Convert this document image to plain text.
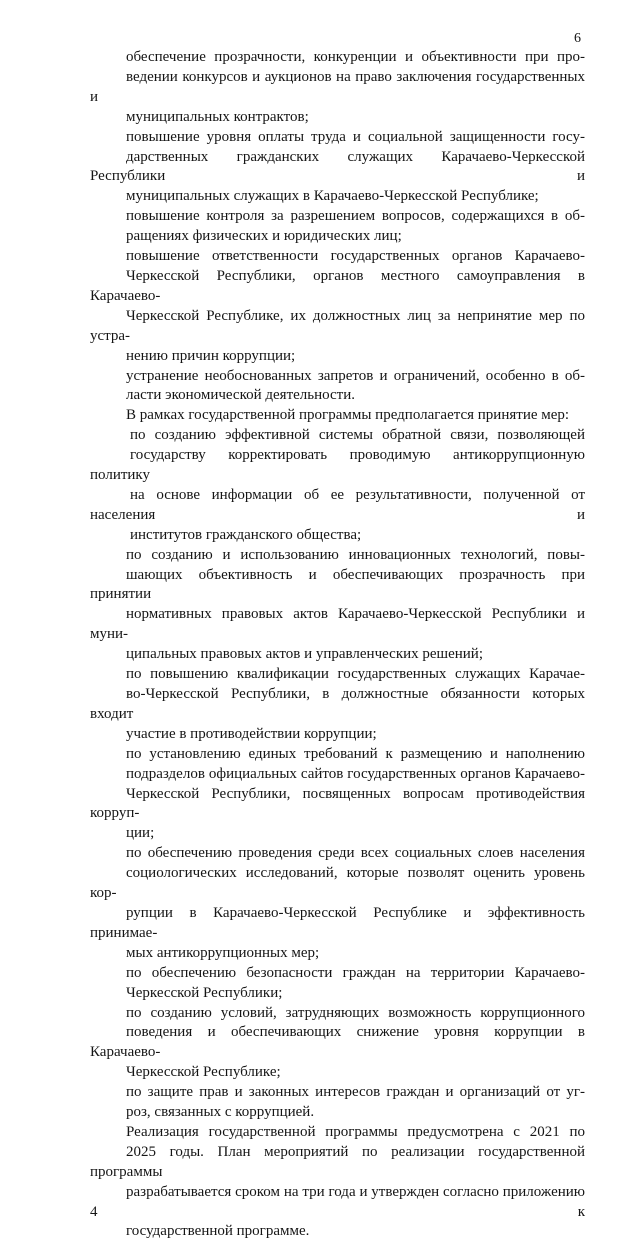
6

обеспечение прозрачности, конкуренции и объективности при про-
ведении конкурсов и аукционов на право заключения государственных и
муниципальных контрактов;

повышение уровня оплаты труда и социальной защищенности госу-
дарственных гражданских служащих Карачаево-Черкесской Республики и
муниципальных служащих в Карачаево-Черкесской Республике;

повышение контроля за разрешением вопросов, содержащихся в об-
ращениях физических и юридических лиц;

повышение ответственности государственных органов Карачаево-
Черкесской Республики, органов местного самоуправления в Карачаево-
Черкесской Республике, их должностных лиц за непринятие мер по устра-
нению причин коррупции;

устранение необоснованных запретов и ограничений, особенно в об-
ласти экономической деятельности.

В рамках государственной программы предполагается принятие мер:

по созданию эффективной системы обратной связи, позволяющей
государству корректировать проводимую антикоррупционную политику
на основе информации об ее результативности, полученной от населения и
институтов гражданского общества;

по созданию и использованию инновационных технологий, повы-
шающих объективность и обеспечивающих прозрачность при принятии
нормативных правовых актов Карачаево-Черкесской Республики и муни-
ципальных правовых актов и управленческих решений;

по повышению квалификации государственных служащих Карачае-
во-Черкесской Республики, в должностные обязанности которых входит
участие в противодействии коррупции;

по установлению единых требований к размещению и наполнению
подразделов официальных сайтов государственных органов Карачаево-
Черкесской Республики, посвященных вопросам противодействия корруп-
ции;

по обеспечению проведения среди всех социальных слоев населения
социологических исследований, которые позволят оценить уровень кор-
рупции в Карачаево-Черкесской Республике и эффективность принимае-
мых антикоррупционных мер;

по обеспечению безопасности граждан на территории Карачаево-
Черкесской Республики;

по созданию условий, затрудняющих возможность коррупционного
поведения и обеспечивающих снижение уровня коррупции в Карачаево-
Черкесской Республике;

по защите прав и законных интересов граждан и организаций от уг-
роз, связанных с коррупцией.

Реализация государственной программы предусмотрена с 2021 по
2025 годы. План мероприятий по реализации государственной программы
разрабатывается сроком на три года и утвержден согласно приложению 4 к
государственной программе.
